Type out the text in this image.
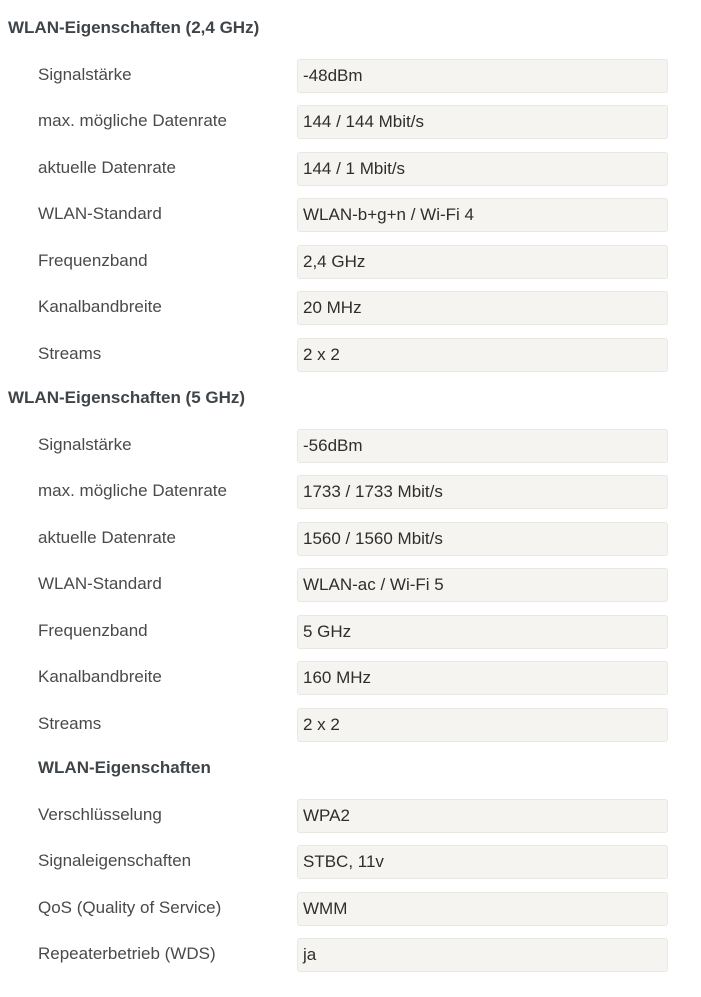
WLAN-Eigenschaften (2,4 GHz)
Signalstärke	-48dBm
max. mögliche Datenrate	144 / 144 Mbit/s
aktuelle Datenrate	144 / 1 Mbit/s
WLAN-Standard	WLAN-b+g+n / Wi-Fi 4
Frequenzband	2,4 GHz
Kanalbandbreite	20 MHz
Streams	2 x 2
WLAN-Eigenschaften (5 GHz)
Signalstärke	-56dBm
max. mögliche Datenrate	1733 / 1733 Mbit/s
aktuelle Datenrate	1560 / 1560 Mbit/s
WLAN-Standard	WLAN-ac / Wi-Fi 5
Frequenzband	5 GHz
Kanalbandbreite	160 MHz
Streams	2 x 2
WLAN-Eigenschaften
Verschlüsselung	WPA2
Signaleigenschaften	STBC, 11v
QoS (Quality of Service)	WMM
Repeaterbetrieb (WDS)	ja
